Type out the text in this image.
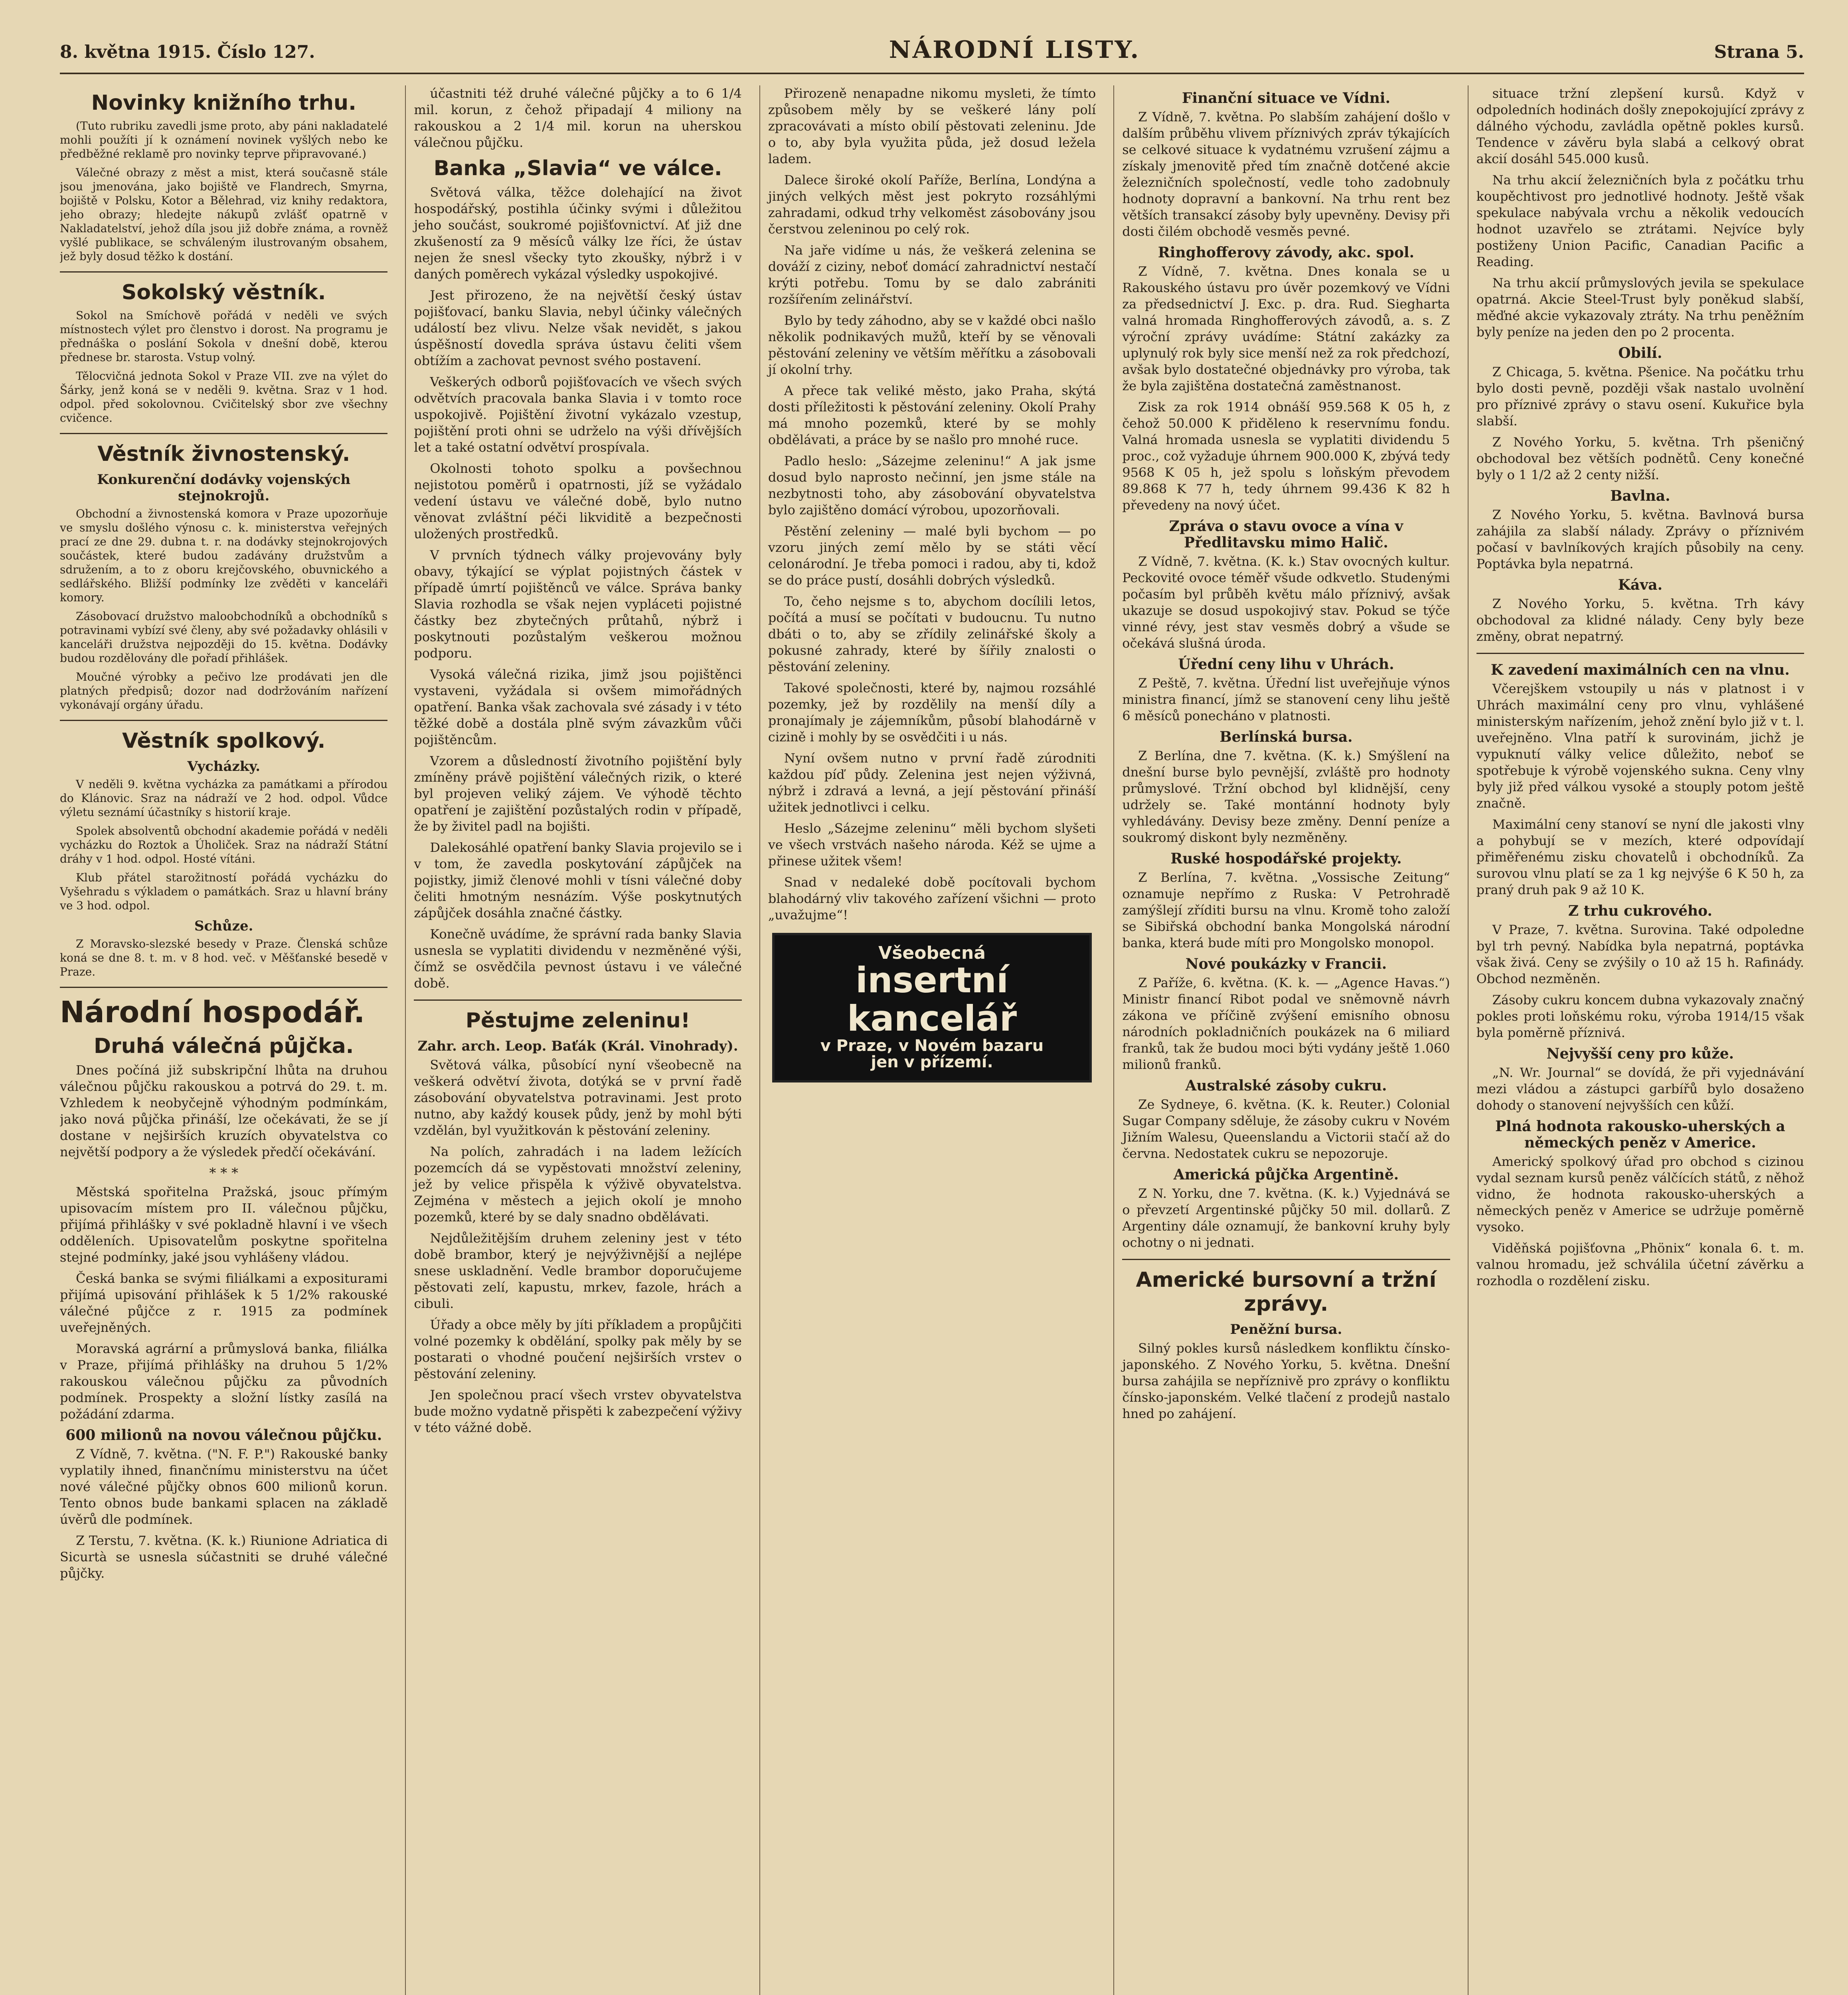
8. května 1915. Číslo 127.	NÁRODNÍ LISTY.	Strana 5.
Novinky knižního trhu.

(Tuto rubriku zavedli jsme proto, aby páni nakladatelé mohli použíti jí k oznámení novinek vyšlých nebo ke předběžné reklamě pro novinky teprve připravované.)

Válečné obrazy z měst a mist, která současně stále jsou jmenována, jako bojiště ve Flandrech, Smyrna, bojiště v Polsku, Kotor a Bělehrad, viz knihy redaktora, jeho obrazy; hledejte nákupů zvlášť opatrně v Nakladatelství, jehož díla jsou již dobře známa, a rovněž vyšlé publikace, se schváleným ilustrovaným obsahem, jež byly dosud těžko k dostání.

Sokolský věstník.

Sokol na Smíchově pořádá v neděli ve svých místnostech výlet pro členstvo i dorost. Na programu je přednáška o poslání Sokola v dnešní době, kterou přednese br. starosta. Vstup volný.

Tělocvičná jednota Sokol v Praze VII. zve na výlet do Šárky, jenž koná se v neděli 9. května. Sraz v 1 hod. odpol. před sokolovnou. Cvičitelský sbor zve všechny cvičence.

Věstník živnostenský.
Konkurenční dodávky vojenských stejnokrojů.

Obchodní a živnostenská komora v Praze upozorňuje ve smyslu došlého výnosu c. k. ministerstva veřejných prací ze dne 29. dubna t. r. na dodávky stejnokrojových součástek, které budou zadávány družstvům a sdružením, a to z oboru krejčovského, obuvnického a sedlářského. Bližší podmínky lze zvěděti v kanceláři komory.

Zásobovací družstvo maloobchodníků a obchodníků s potravinami vybízí své členy, aby své požadavky ohlásili v kanceláři družstva nejpozději do 15. května. Dodávky budou rozdělovány dle pořadí přihlášek.

Moučné výrobky a pečivo lze prodávati jen dle platných předpisů; dozor nad dodržováním nařízení vykonávají orgány úřadu.

Věstník spolkový.
Vycházky.

V neděli 9. května vycházka za památkami a přírodou do Klánovic. Sraz na nádraží ve 2 hod. odpol. Vůdce výletu seznámí účastníky s historií kraje.

Spolek absolventů obchodní akademie pořádá v neděli vycházku do Roztok a Úholiček. Sraz na nádraží Státní dráhy v 1 hod. odpol. Hosté vítáni.

Klub přátel starožitností pořádá vycházku do Vyšehradu s výkladem o památkách. Sraz u hlavní brány ve 3 hod. odpol.

Schůze.

Z Moravsko-slezské besedy v Praze. Členská schůze koná se dne 8. t. m. v 8 hod. več. v Měšťanské besedě v Praze.

Národní hospodář.
Druhá válečná půjčka.

Dnes počíná již subskripční lhůta na druhou válečnou půjčku rakouskou a potrvá do 29. t. m. Vzhledem k neobyčejně výhodným podmínkám, jako nová půjčka přináší, lze očekávati, že se jí dostane v nejširších kruzích obyvatelstva co největší podpory a že výsledek předčí očekávání.

* * *

Městská spořitelna Pražská, jsouc přímým upisovacím místem pro II. válečnou půjčku, přijímá přihlášky v své pokladně hlavní i ve všech odděleních. Upisovatelům poskytne spořitelna stejné podmínky, jaké jsou vyhlášeny vládou.

Česká banka se svými filiálkami a expositurami přijímá upisování přihlášek k 5 1/2% rakouské válečné půjčce z r. 1915 za podmínek uveřejněných.

Moravská agrární a průmyslová banka, filiálka v Praze, přijímá přihlášky na druhou 5 1/2% rakouskou válečnou půjčku za původních podmínek. Prospekty a složní lístky zasílá na požádání zdarma.

600 milionů na novou válečnou půjčku.

Z Vídně, 7. května. ("N. F. P.") Rakouské banky vyplatily ihned, finančnímu ministerstvu na účet nové válečné půjčky obnos 600 milionů korun. Tento obnos bude bankami splacen na základě úvěrů dle podmínek.

Z Terstu, 7. května. (K. k.) Riunione Adriatica di Sicurtà se usnesla súčastniti se druhé válečné půjčky.

účastniti též druhé válečné půjčky a to 6 1/4 mil. korun, z čehož připadají 4 miliony na rakouskou a 2 1/4 mil. korun na uherskou válečnou půjčku.

Banka „Slavia“ ve válce.

Světová válka, těžce dolehající na život hospodářský, postihla účinky svými i důležitou jeho součást, soukromé pojišťovnictví. Ať již dne zkušeností za 9 měsíců války lze říci, že ústav nejen že snesl všecky tyto zkoušky, nýbrž i v daných poměrech vykázal výsledky uspokojivé.

Jest přirozeno, že na největší český ústav pojišťovací, banku Slavia, nebyl účinky válečných událostí bez vlivu. Nelze však nevidět, s jakou úspěšností dovedla správa ústavu čeliti všem obtížím a zachovat pevnost svého postavení.

Veškerých odborů pojišťovacích ve všech svých odvětvích pracovala banka Slavia i v tomto roce uspokojivě. Pojištění životní vykázalo vzestup, pojištění proti ohni se udrželo na výši dřívějších let a také ostatní odvětví prospívala.

Okolnosti tohoto spolku a povšechnou nejistotou poměrů i opatrnosti, jíž se vyžádalo vedení ústavu ve válečné době, bylo nutno věnovat zvláštní péči likviditě a bezpečnosti uložených prostředků.

V prvních týdnech války projevovány byly obavy, týkající se výplat pojistných částek v případě úmrtí pojištěnců ve válce. Správa banky Slavia rozhodla se však nejen vypláceti pojistné částky bez zbytečných průtahů, nýbrž i poskytnouti pozůstalým veškerou možnou podporu.

Vysoká válečná rizika, jimž jsou pojištěnci vystaveni, vyžádala si ovšem mimořádných opatření. Banka však zachovala své zásady i v této těžké době a dostála plně svým závazkům vůči pojištěncům.

Vzorem a důsledností životního pojištění byly zmíněny právě pojištění válečných rizik, o které byl projeven veliký zájem. Ve výhodě těchto opatření je zajištění pozůstalých rodin v případě, že by živitel padl na bojišti.

Dalekosáhlé opatření banky Slavia projevilo se i v tom, že zavedla poskytování zápůjček na pojistky, jimiž členové mohli v tísni válečné doby čeliti hmotným nesnázím. Výše poskytnutých zápůjček dosáhla značné částky.

Konečně uvádíme, že správní rada banky Slavia usnesla se vyplatiti dividendu v nezměněné výši, čímž se osvědčila pevnost ústavu i ve válečné době.

Pěstujme zeleninu!
Zahr. arch. Leop. Baťák (Král. Vinohrady).

Světová válka, působící nyní všeobecně na veškerá odvětví života, dotýká se v první řadě zásobování obyvatelstva potravinami. Jest proto nutno, aby každý kousek půdy, jenž by mohl býti vzdělán, byl využitkován k pěstování zeleniny.

Na polích, zahradách i na ladem ležících pozemcích dá se vypěstovati množství zeleniny, jež by velice přispěla k výživě obyvatelstva. Zejména v městech a jejich okolí je mnoho pozemků, které by se daly snadno obdělávati.

Nejdůležitějším druhem zeleniny jest v této době brambor, který je nejvýživnější a nejlépe snese uskladnění. Vedle brambor doporučujeme pěstovati zelí, kapustu, mrkev, fazole, hrách a cibuli.

Úřady a obce měly by jíti příkladem a propůjčiti volné pozemky k obdělání, spolky pak měly by se postarati o vhodné poučení nejširších vrstev o pěstování zeleniny.

Jen společnou prací všech vrstev obyvatelstva bude možno vydatně přispěti k zabezpečení výživy v této vážné době.

Přirozeně nenapadne nikomu mysleti, že tímto způsobem měly by se veškeré lány polí zpracovávati a místo obilí pěstovati zeleninu. Jde o to, aby byla využita půda, jež dosud ležela ladem.

Dalece široké okolí Paříže, Berlína, Londýna a jiných velkých měst jest pokryto rozsáhlými zahradami, odkud trhy velkoměst zásobovány jsou čerstvou zeleninou po celý rok.

Na jaře vidíme u nás, že veškerá zelenina se dováží z ciziny, neboť domácí zahradnictví nestačí krýti potřebu. Tomu by se dalo zabrániti rozšířením zelinářství.

Bylo by tedy záhodno, aby se v každé obci našlo několik podnikavých mužů, kteří by se věnovali pěstování zeleniny ve větším měřítku a zásobovali jí okolní trhy.

A přece tak veliké město, jako Praha, skýtá dosti příležitosti k pěstování zeleniny. Okolí Prahy má mnoho pozemků, které by se mohly obdělávati, a práce by se našlo pro mnohé ruce.

Padlo heslo: „Sázejme zeleninu!“ A jak jsme dosud bylo naprosto nečinní, jen jsme stále na nezbytnosti toho, aby zásobování obyvatelstva bylo zajištěno domácí výrobou, upozorňovali.

Pěstění zeleniny — malé byli bychom — po vzoru jiných zemí mělo by se státi věcí celonárodní. Je třeba pomoci i radou, aby ti, kdož se do práce pustí, dosáhli dobrých výsledků.

To, čeho nejsme s to, abychom docílili letos, počítá a musí se počítati v budoucnu. Tu nutno dbáti o to, aby se zřídily zelinářské školy a pokusné zahrady, které by šířily znalosti o pěstování zeleniny.

Takové společnosti, které by, najmou rozsáhlé pozemky, jež by rozdělily na menší díly a pronajímaly je zájemníkům, působí blahodárně v cizině i mohly by se osvědčiti i u nás.

Nyní ovšem nutno v první řadě zúrodniti každou píď půdy. Zelenina jest nejen výživná, nýbrž i zdravá a levná, a její pěstování přináší užitek jednotlivci i celku.

Heslo „Sázejme zeleninu“ měli bychom slyšeti ve všech vrstvách našeho národa. Kéž se ujme a přinese užitek všem!

Snad v nedaleké době pocítovali bychom blahodárný vliv takového zařízení všichni — proto „uvažujme“!

Všeobecná
insertní kancelář
v Praze, v Novém bazaru
jen v přízemí.
Finanční situace ve Vídni.

Z Vídně, 7. května. Po slabším zahájení došlo v dalším průběhu vlivem příznivých zpráv týkajících se celkové situace k vydatnému vzrušení zájmu a získaly jmenovitě před tím značně dotčené akcie železničních společností, vedle toho zadobnuly hodnoty dopravní a bankovní. Na trhu rent bez větších transakcí zásoby byly upevněny. Devisy při dosti čilém obchodě vesměs pevné.

Ringhofferovy závody, akc. spol.

Z Vídně, 7. května. Dnes konala se u Rakouského ústavu pro úvěr pozemkový ve Vídni za předsednictví J. Exc. p. dra. Rud. Sieghartа valná hromada Ringhofferových závodů, a. s. Z výroční zprávy uvádíme: Státní zakázky za uplynulý rok byly sice menší než za rok předchozí, avšak bylo dostatečné objednávky pro výroba, tak že byla zajištěna dostatečná zaměstnanost.

Zisk za rok 1914 obnáší 959.568 K 05 h, z čehož 50.000 K přiděleno k reservnímu fondu. Valná hromada usnesla se vyplatiti dividendu 5 proc., což vyžaduje úhrnem 900.000 K, zbývá tedy 9568 K 05 h, jež spolu s loňským převodem 89.868 K 77 h, tedy úhrnem 99.436 K 82 h převedeny na nový účet.

Zpráva o stavu ovoce a vína v Předlitavsku mimo Halič.

Z Vídně, 7. května. (K. k.) Stav ovocných kultur. Peckovité ovoce téměř všude odkvetlo. Studenými počasím byl průběh květu málo příznivý, avšak ukazuje se dosud uspokojivý stav. Pokud se týče vinné révy, jest stav vesměs dobrý a všude se očekává slušná úroda.

Úřední ceny lihu v Uhrách.

Z Peště, 7. května. Úřední list uveřejňuje výnos ministra financí, jímž se stanovení ceny lihu ještě 6 měsíců ponecháno v platnosti.

Berlínská bursa.

Z Berlína, dne 7. května. (K. k.) Smýšlení na dnešní burse bylo pevnější, zvláště pro hodnoty průmyslové. Tržní obchod byl klidnější, ceny udržely se. Také montánní hodnoty byly vyhledávány. Devisy beze změny. Denní peníze a soukromý diskont byly nezměněny.

Ruské hospodářské projekty.

Z Berlína, 7. května. „Vossische Zeitung“ oznamuje nepřímo z Ruska: V Petrohradě zamýšlejí zříditi bursu na vlnu. Kromě toho založí se Sibiřská obchodní banka Mongolská národní banka, která bude míti pro Mongolsko monopol.

Nové poukázky v Francii.

Z Paříže, 6. května. (K. k. — „Agence Havas.“) Ministr financí Ribot podal ve sněmovně návrh zákona ve příčině zvýšení emisního obnosu národních pokladničních poukázek na 6 miliard franků, tak že budou moci býti vydány ještě 1.060 milionů franků.

Australské zásoby cukru.

Ze Sydneye, 6. května. (K. k. Reuter.) Colonial Sugar Company sděluje, že zásoby cukru v Novém Jižním Walesu, Queenslandu a Victorii stačí až do června. Nedostatek cukru se nepozoruje.

Americká půjčka Argentině.

Z N. Yorku, dne 7. května. (K. k.) Vyjednává se o převzetí Argentinské půjčky 50 mil. dollarů. Z Argentiny dále oznamují, že bankovní kruhy byly ochotny o ni jednati.

Americké bursovní a tržní zprávy.
Peněžní bursa.

Silný pokles kursů následkem konfliktu čínsko-japonského. Z Nového Yorku, 5. května. Dnešní bursa zahájila se nepříznivě pro zprávy o konfliktu čínsko-japonském. Velké tlačení z prodejů nastalo hned po zahájení.

situace tržní zlepšení kursů. Když v odpoledních hodinách došly znepokojující zprávy z dálného východu, zavládla opětně pokles kursů. Tendence v závěru byla slabá a celkový obrat akcií dosáhl 545.000 kusů.

Na trhu akcií železničních byla z počátku trhu koupěchtivost pro jednotlivé hodnoty. Ještě však spekulace nabývala vrchu a několik vedoucích hodnot uzavřelo se ztrátami. Nejvíce byly postiženy Union Pacific, Canadian Pacific a Reading.

Na trhu akcií průmyslových jevila se spekulace opatrná. Akcie Steel-Trust byly poněkud slabší, měďné akcie vykazovaly ztráty. Na trhu peněžním byly peníze na jeden den po 2 procenta.

Obilí.

Z Chicaga, 5. května. Pšenice. Na počátku trhu bylo dosti pevně, později však nastalo uvolnění pro příznivé zprávy o stavu osení. Kukuřice byla slabší.

Z Nového Yorku, 5. května. Trh pšeničný obchodoval bez větších podnětů. Ceny konečné byly o 1 1/2 až 2 centy nižší.

Bavlna.

Z Nového Yorku, 5. května. Bavlnová bursa zahájila za slabší nálady. Zprávy o příznivém počasí v bavlníkových krajích působily na ceny. Poptávka byla nepatrná.

Káva.

Z Nového Yorku, 5. května. Trh kávy obchodoval za klidné nálady. Ceny byly beze změny, obrat nepatrný.

K zavedení maximálních cen na vlnu.

Včerejškem vstoupily u nás v platnost i v Uhrách maximální ceny pro vlnu, vyhlášené ministerským nařízením, jehož znění bylo již v t. l. uveřejněno. Vlna patří k surovinám, jichž je vypuknutí války velice důležito, neboť se spotřebuje k výrobě vojenského sukna. Ceny vlny byly již před válkou vysoké a stouply potom ještě značně.

Maximální ceny stanoví se nyní dle jakosti vlny a pohybují se v mezích, které odpovídají přiměřenému zisku chovatelů i obchodníků. Za surovou vlnu platí se za 1 kg nejvýše 6 K 50 h, za praný druh pak 9 až 10 K.

Z trhu cukrového.

V Praze, 7. května. Surovina. Také odpoledne byl trh pevný. Nabídka byla nepatrná, poptávka však živá. Ceny se zvýšily o 10 až 15 h. Rafinády. Obchod nezměněn.

Zásoby cukru koncem dubna vykazovaly značný pokles proti loňskému roku, výroba 1914/15 však byla poměrně příznivá.

Nejvyšší ceny pro kůže.

„N. Wr. Journal“ se dovídá, že při vyjednávání mezi vládou a zástupci garbířů bylo dosaženo dohody o stanovení nejvyšších cen kůží.

Plná hodnota rakousko-uherských a německých peněz v Americe.

Americký spolkový úřad pro obchod s cizinou vydal seznam kursů peněz válčících států, z něhož vidno, že hodnota rakousko-uherských a německých peněz v Americe se udržuje poměrně vysoko.

Viděňská pojišťovna „Phönix“ konala 6. t. m. valnou hromadu, jež schválila účetní závěrku a rozhodla o rozdělení zisku.
